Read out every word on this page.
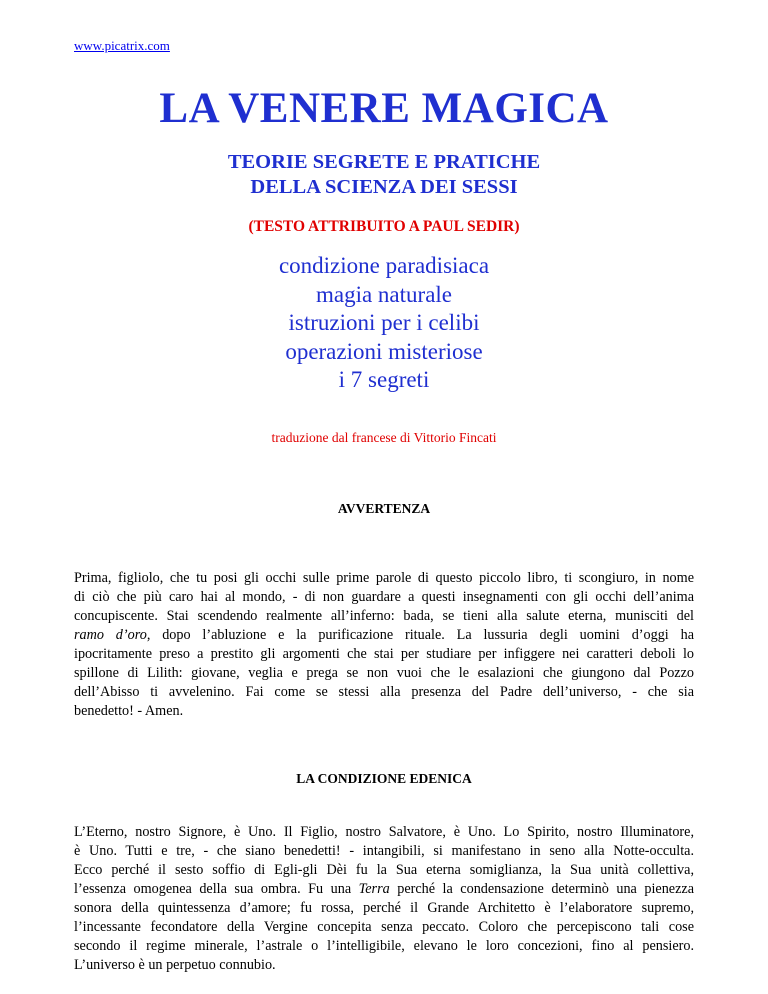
www.picatrix.com
LA VENERE MAGICA
TEORIE SEGRETE E PRATICHE
DELLA SCIENZA DEI SESSI
(TESTO ATTRIBUITO A PAUL SEDIR)
condizione paradisiaca
magia naturale
istruzioni per i celibi
operazioni misteriose
i 7 segreti
traduzione dal francese di Vittorio Fincati
AVVERTENZA
Prima, figliolo, che tu posi gli occhi sulle prime parole di questo piccolo libro, ti scongiuro, in nome
di ciò che più caro hai al mondo, - di non guardare a questi insegnamenti con gli occhi dell’anima
concupiscente. Stai scendendo realmente all’inferno: bada, se tieni alla salute eterna, munisciti del
ramo d’oro, dopo l’abluzione e la purificazione rituale. La lussuria degli uomini d’oggi ha
ipocritamente preso a prestito gli argomenti che stai per studiare per infiggere nei caratteri deboli lo
spillone di Lilith: giovane, veglia e prega se non vuoi che le esalazioni che giungono dal Pozzo
dell’Abisso ti avvelenino. Fai come se stessi alla presenza del Padre dell’universo, - che sia
benedetto! - Amen.
LA CONDIZIONE EDENICA
L’Eterno, nostro Signore, è Uno. Il Figlio, nostro Salvatore, è Uno. Lo Spirito, nostro Illuminatore,
è Uno. Tutti e tre, - che siano benedetti! - intangibili, si manifestano in seno alla Notte-occulta.
Ecco perché il sesto soffio di Egli-gli Dèi fu la Sua eterna somiglianza, la Sua unità collettiva,
l’essenza omogenea della sua ombra. Fu una Terra perché la condensazione determinò una pienezza
sonora della quintessenza d’amore; fu rossa, perché il Grande Architetto è l’elaboratore supremo,
l’incessante fecondatore della Vergine concepita senza peccato. Coloro che percepiscono tali cose
secondo il regime minerale, l’astrale o l’intelligibile, elevano le loro concezioni, fino al pensiero.
L’universo è un perpetuo connubio.
